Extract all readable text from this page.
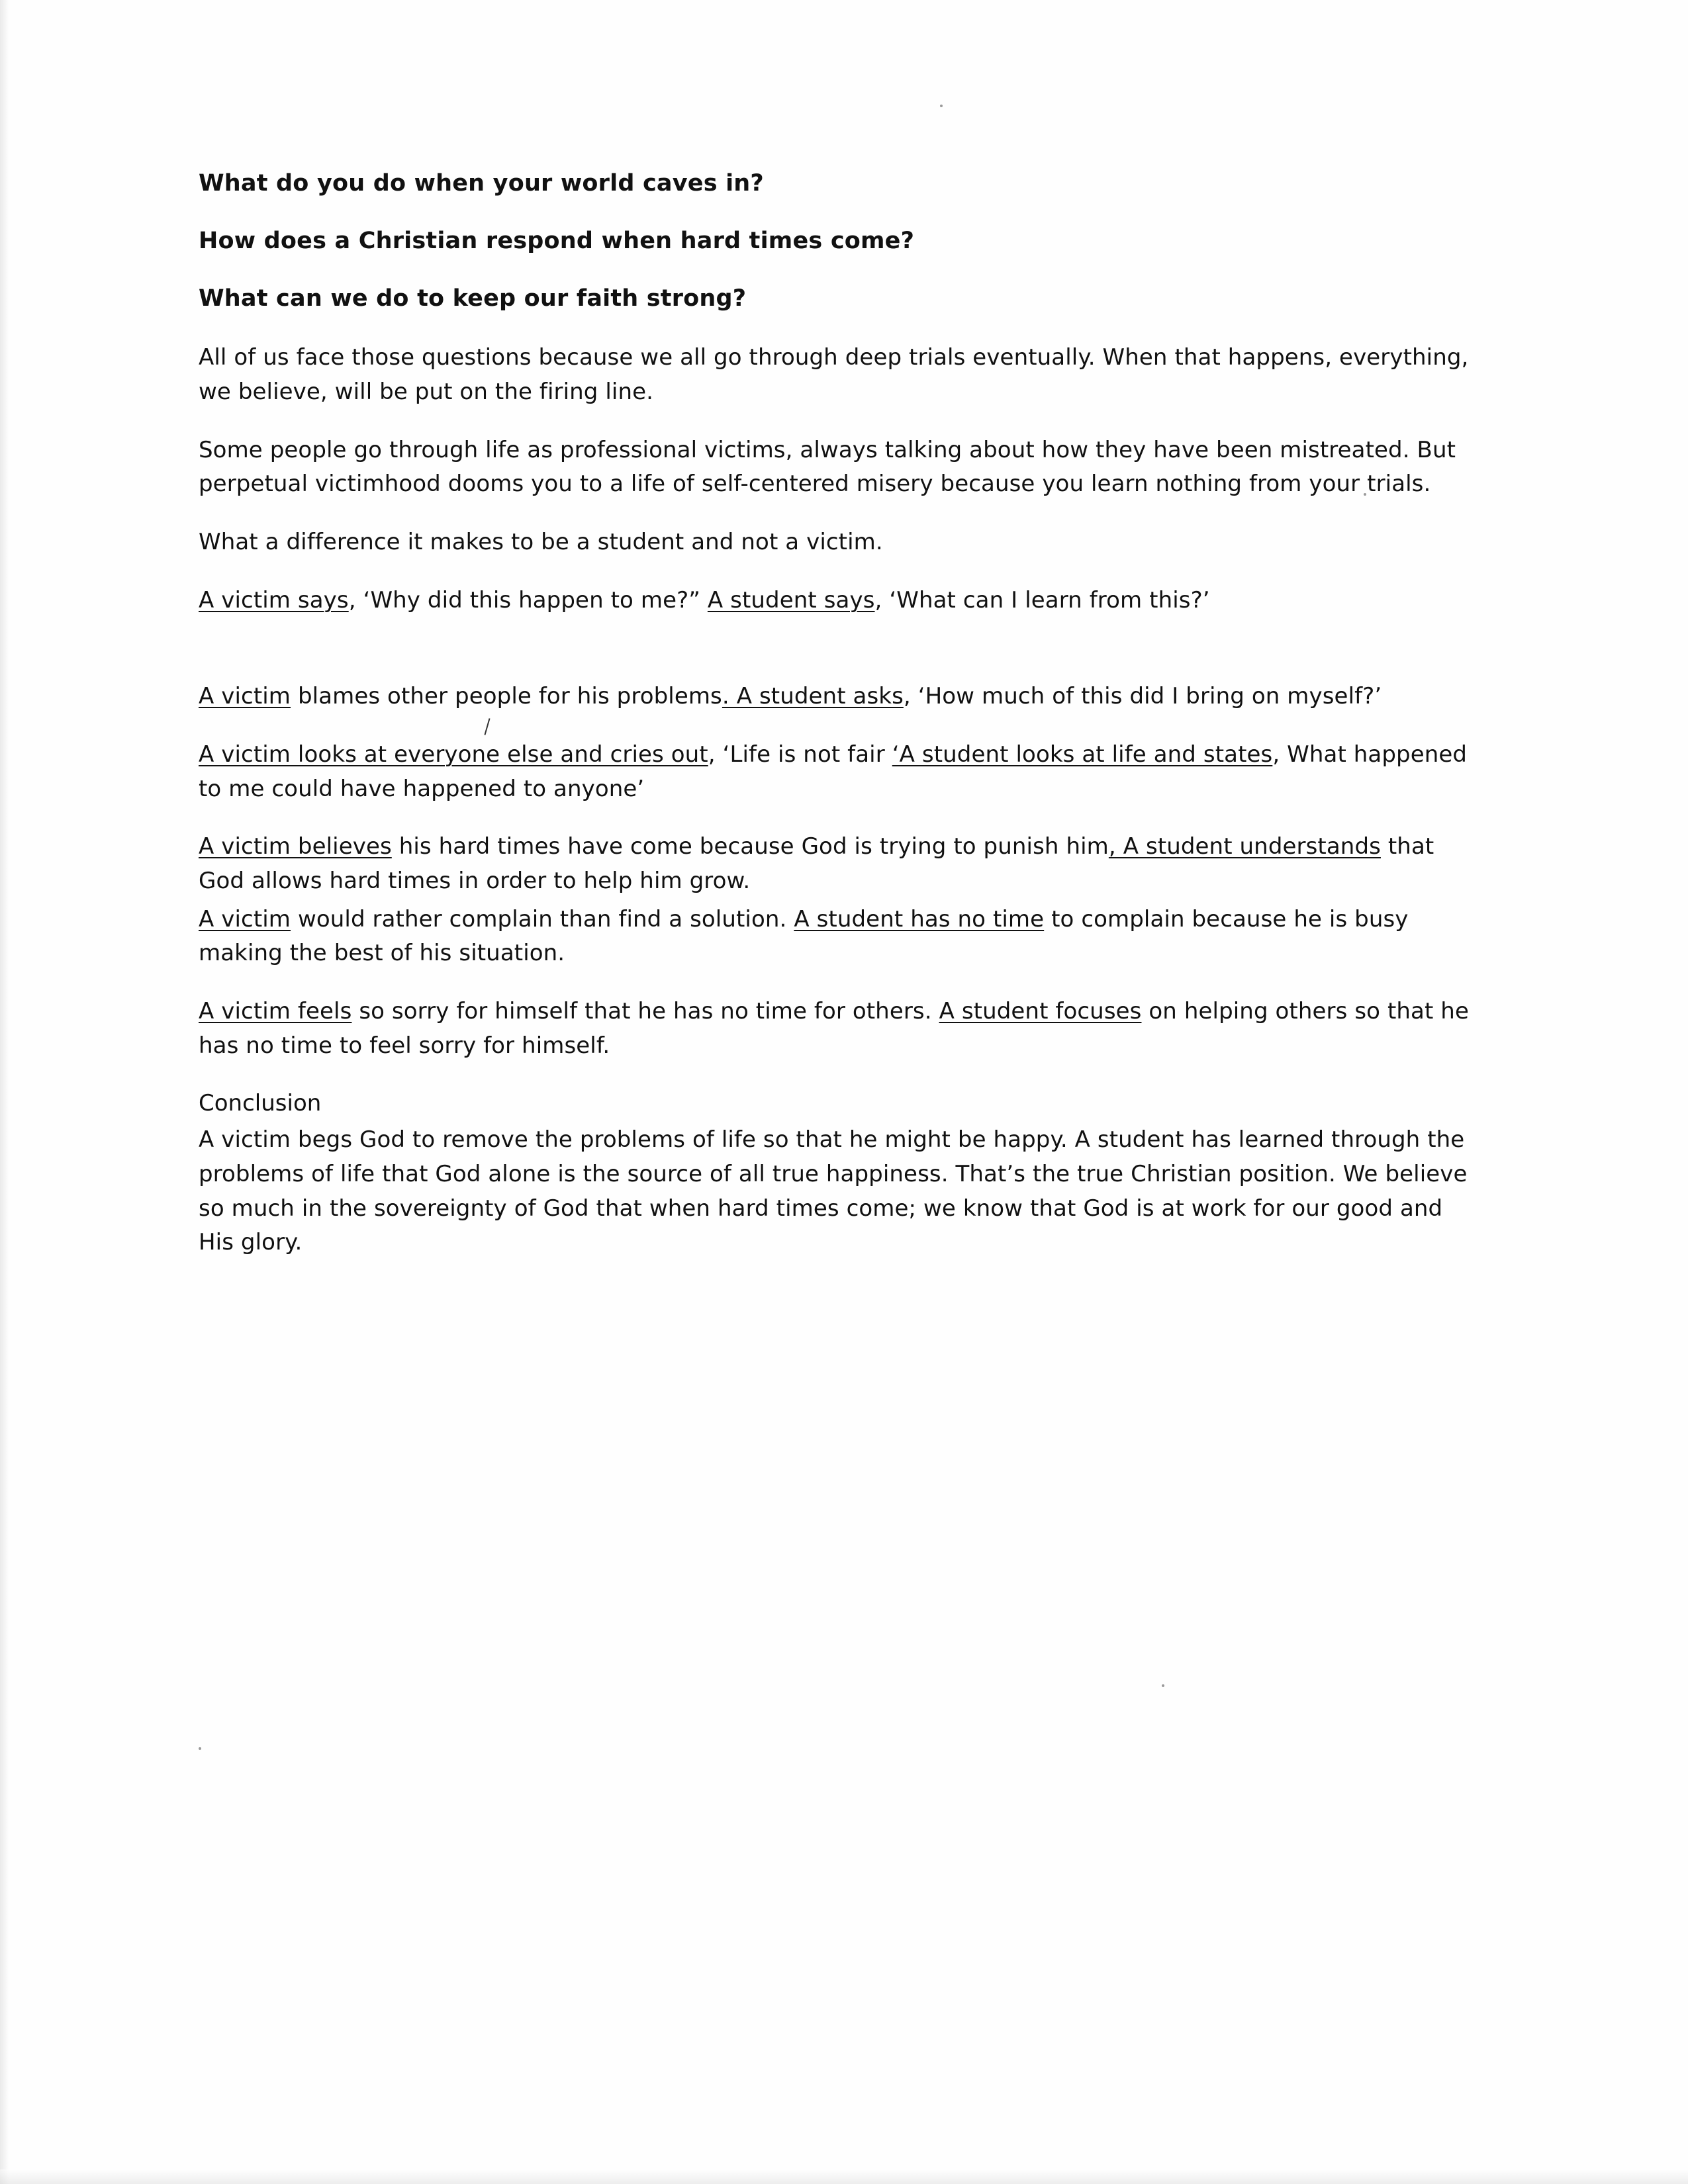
What do you do when your world caves in?
How does a Christian respond when hard times come?
What can we do to keep our faith strong?

All of us face those questions because we all go through deep trials eventually. When that happens, everything, we believe, will be put on the firing line.

Some people go through life as professional victims, always talking about how they have been mistreated. But perpetual victimhood dooms you to a life of self-centered misery because you learn nothing from your trials.

What a difference it makes to be a student and not a victim.

A victim says, ‘Why did this happen to me?” A student says, ‘What can I learn from this?’

A victim blames other people for his problems. A student asks, ‘How much of this did I bring on myself?’

A victim looks at everyone else and cries out, ‘Life is not fair ‘A student looks at life and states, What happened to me could have happened to anyone’

A victim believes his hard times have come because God is trying to punish him, A student understands that God allows hard times in order to help him grow.

A victim would rather complain than find a solution. A student has no time to complain because he is busy making the best of his situation.

A victim feels so sorry for himself that he has no time for others. A student focuses on helping others so that he has no time to feel sorry for himself.

Conclusion

A victim begs God to remove the problems of life so that he might be happy. A student has learned through the problems of life that God alone is the source of all true happiness. That’s the true Christian position. We believe so much in the sovereignty of God that when hard times come; we know that God is at work for our good and His glory.
